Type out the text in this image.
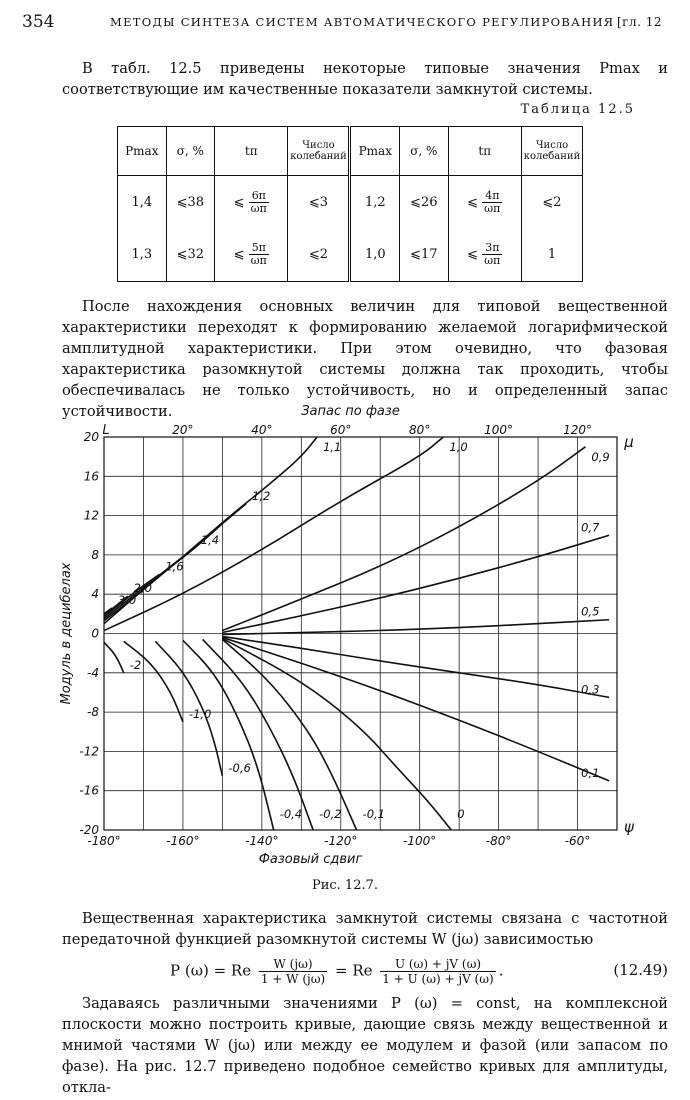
354	МЕТОДЫ СИНТЕЗА СИСТЕМ АВТОМАТИЧЕСКОГО РЕГУЛИРОВАНИЯ [гл. 12

В табл. 12.5 приведены некоторые типовые значения Pmax и соответствующие им качественные показатели замкнутой системы.

Таблица 12.5
Pmax	σ, %	tп	Число колебаний	Pmax	σ, %	tп	Число колебаний
1,4	⩽38	⩽ $\frac{6\pi}{\omega п}$	⩽3	1,2	⩽26	⩽ $\frac{4\pi}{\omega п}$	⩽2
1,3	⩽32	⩽ $\frac{5\pi}{\omega п}$	⩽2	1,0	⩽17	⩽ $\frac{3\pi}{\omega п}$	1

После нахождения основных величин для типовой вещественной характеристики переходят к формированию желаемой логарифмической амплитудной характеристики. При этом очевидно, что фазовая характеристика разомкнутой системы должна так проходить, чтобы обеспечивалась не только устойчивость, но и определенный запас устойчивости.

-180°	-160°	-140°	-120°	-100°	-80°	-60°
20°	40°	60°	80°	100°	120°
20
16
12
8
4
0
-4
-8
-12
-16
-20
Запас по фазе
Фазовый сдвиг
Модуль в децибелах
L
μ
ψ
1,1
1,2
1,4
1,6
2,0
3,0
1,0
0,9
0,7
0,5
0,3
0,1
0
-0,1
-0,2
-0,4
-0,6
-1,0
-2
Рис. 12.7.

Вещественная характеристика замкнутой системы связана с частотной передаточной функцией разомкнутой системы W (jω) зависимостью

P (ω) = Re $\frac{W (j\omega)}{1 + W (j\omega)} = Re \frac{U (\omega) + jV (\omega)}{1 + U (\omega) + jV (\omega)}$ .	(12.49)

Задаваясь различными значениями P (ω) = const, на комплексной плоскости можно построить кривые, дающие связь между вещественной и мнимой частями W (jω) или между ее модулем и фазой (или запасом по фазе). На рис. 12.7 приведено подобное семейство кривых для амплитуды, откла-
